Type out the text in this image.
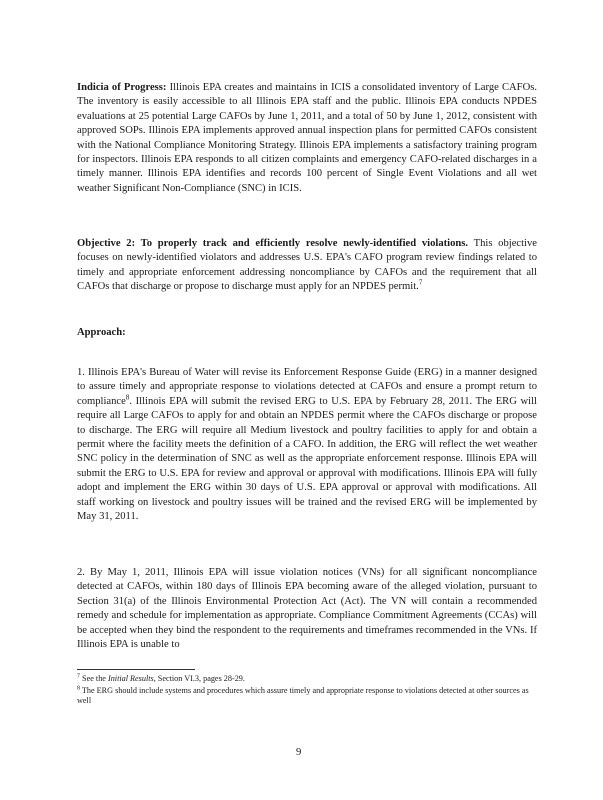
Indicia of Progress: Illinois EPA creates and maintains in ICIS a consolidated inventory of Large CAFOs. The inventory is easily accessible to all Illinois EPA staff and the public. Illinois EPA conducts NPDES evaluations at 25 potential Large CAFOs by June 1, 2011, and a total of 50 by June 1, 2012, consistent with approved SOPs. Illinois EPA implements approved annual inspection plans for permitted CAFOs consistent with the National Compliance Monitoring Strategy. Illinois EPA implements a satisfactory training program for inspectors. Illinois EPA responds to all citizen complaints and emergency CAFO-related discharges in a timely manner. Illinois EPA identifies and records 100 percent of Single Event Violations and all wet weather Significant Non-Compliance (SNC) in ICIS.

Objective 2: To properly track and efficiently resolve newly-identified violations. This objective focuses on newly-identified violators and addresses U.S. EPA's CAFO program review findings related to timely and appropriate enforcement addressing noncompliance by CAFOs and the requirement that all CAFOs that discharge or propose to discharge must apply for an NPDES permit.$^7$

Approach:

1. Illinois EPA's Bureau of Water will revise its Enforcement Response Guide (ERG) in a manner designed to assure timely and appropriate response to violations detected at CAFOs and ensure a prompt return to compliance$^8$. Illinois EPA will submit the revised ERG to U.S. EPA by February 28, 2011. The ERG will require all Large CAFOs to apply for and obtain an NPDES permit where the CAFOs discharge or propose to discharge. The ERG will require all Medium livestock and poultry facilities to apply for and obtain a permit where the facility meets the definition of a CAFO. In addition, the ERG will reflect the wet weather SNC policy in the determination of SNC as well as the appropriate enforcement response. Illinois EPA will submit the ERG to U.S. EPA for review and approval or approval with modifications. Illinois EPA will fully adopt and implement the ERG within 30 days of U.S. EPA approval or approval with modifications. All staff working on livestock and poultry issues will be trained and the revised ERG will be implemented by May 31, 2011.

2. By May 1, 2011, Illinois EPA will issue violation notices (VNs) for all significant noncompliance detected at CAFOs, within 180 days of Illinois EPA becoming aware of the alleged violation, pursuant to Section 31(a) of the Illinois Environmental Protection Act (Act). The VN will contain a recommended remedy and schedule for implementation as appropriate. Compliance Commitment Agreements (CCAs) will be accepted when they bind the respondent to the requirements and timeframes recommended in the VNs. If Illinois EPA is unable to

$^7$ See the Initial Results, Section VI.3, pages 28-29.

$^8$ The ERG should include systems and procedures which assure timely and appropriate response to violations detected at other sources as well

9
